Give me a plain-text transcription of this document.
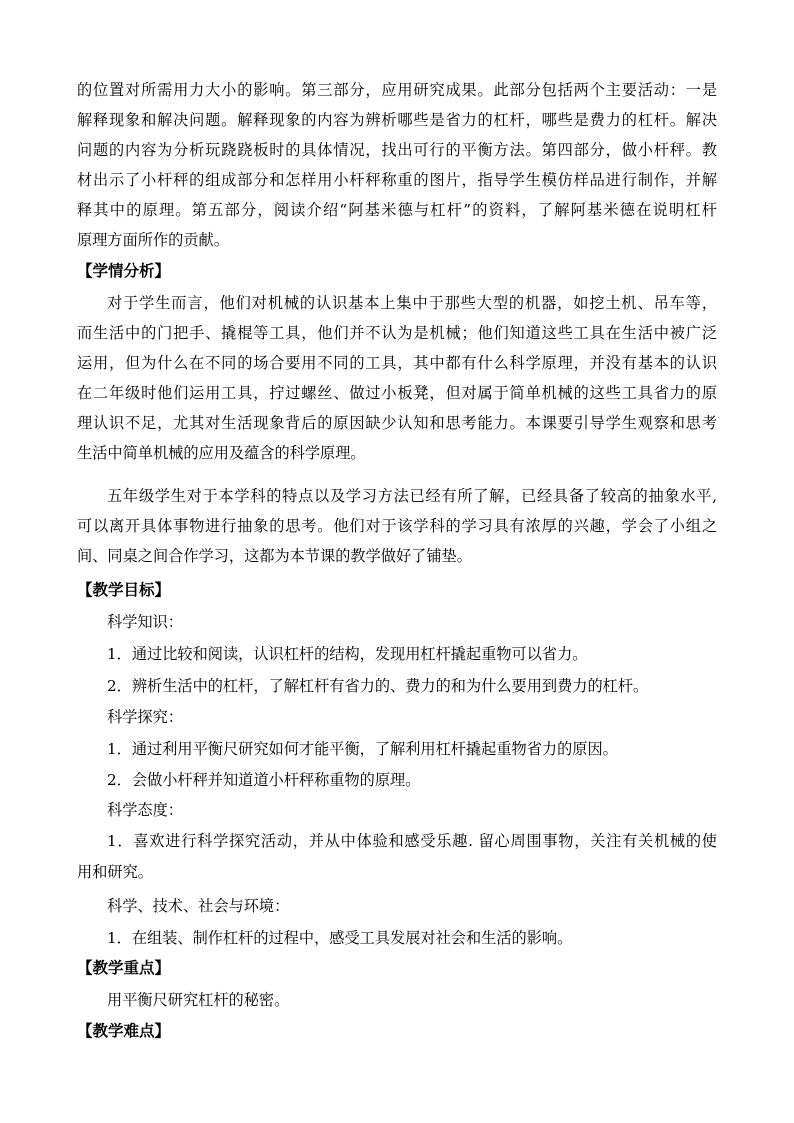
的位置对所需用力大小的影响。第三部分，应用研究成果。此部分包括两个主要活动：一是
解释现象和解决问题。解释现象的内容为辨析哪些是省力的杠杆，哪些是费力的杠杆。解决
问题的内容为分析玩跷跷板时的具体情况，找出可行的平衡方法。第四部分，做小杆秤。教
材出示了小杆秤的组成部分和怎样用小杆秤称重的图片，指导学生模仿样品进行制作，并解
释其中的原理。第五部分，阅读介绍“阿基米德与杠杆”的资料，了解阿基米德在说明杠杆
原理方面所作的贡献。
【学情分析】
对于学生而言，他们对机械的认识基本上集中于那些大型的机器，如挖土机、吊车等，
而生活中的门把手、撬棍等工具，他们并不认为是机械；他们知道这些工具在生活中被广泛
运用，但为什么在不同的场合要用不同的工具，其中都有什么科学原理，并没有基本的认识
在二年级时他们运用工具，拧过螺丝、做过小板凳，但对属于简单机械的这些工具省力的原
理认识不足，尤其对生活现象背后的原因缺少认知和思考能力。本课要引导学生观察和思考
生活中简单机械的应用及蕴含的科学原理。
五年级学生对于本学科的特点以及学习方法已经有所了解，已经具备了较高的抽象水平,
可以离开具体事物进行抽象的思考。他们对于该学科的学习具有浓厚的兴趣，学会了小组之
间、同桌之间合作学习，这都为本节课的教学做好了铺垫。
【教学目标】
科学知识：
1．通过比较和阅读，认识杠杆的结构，发现用杠杆撬起重物可以省力。
2．辨析生活中的杠杆，了解杠杆有省力的、费力的和为什么要用到费力的杠杆。
科学探究：
1．通过利用平衡尺研究如何才能平衡，了解利用杠杆撬起重物省力的原因。
2．会做小杆秤并知道道小杆秤称重物的原理。
科学态度：
1．喜欢进行科学探究活动，并从中体验和感受乐趣. 留心周围事物，关注有关机械的使
用和研究。
科学、技术、社会与环境：
1．在组装、制作杠杆的过程中，感受工具发展对社会和生活的影响。
【教学重点】
用平衡尺研究杠杆的秘密。
【教学难点】
